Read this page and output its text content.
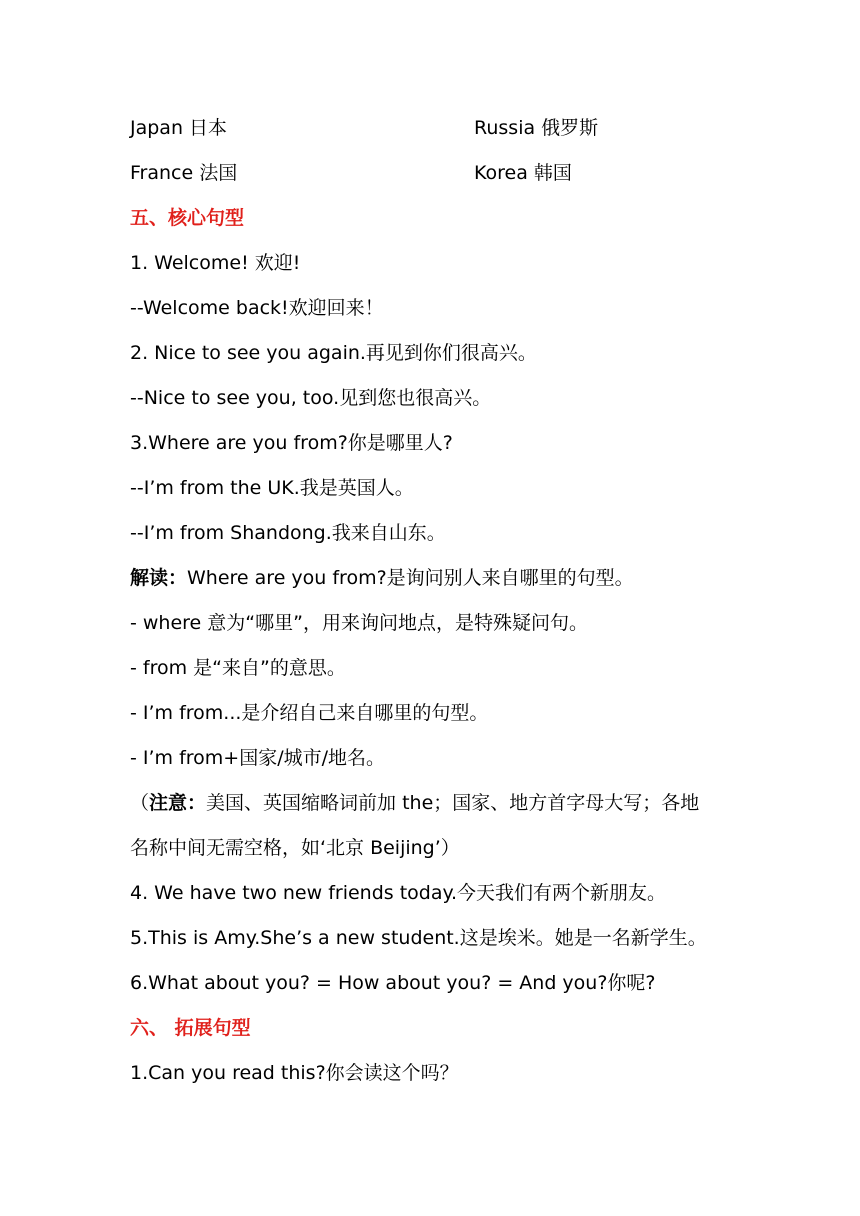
Japan 日本	Russia 俄罗斯
France 法国	Korea 韩国
五、核心句型
1. Welcome! 欢迎!
--Welcome back!欢迎回来！
2. Nice to see you again.再见到你们很高兴。
--Nice to see you, too.见到您也很高兴。
3.Where are you from?你是哪里人?
--I’m from the UK.我是英国人。
--I’m from Shandong.我来自山东。
解读：Where are you from?是询问别人来自哪里的句型。
- where 意为“哪里”，用来询问地点，是特殊疑问句。
- from 是“来自”的意思。
- I’m from...是介绍自己来自哪里的句型。
- I’m from+国家/城市/地名。
（注意：美国、英国缩略词前加 the；国家、地方首字母大写；各地
名称中间无需空格，如‘北京 Beijing’）
4. We have two new friends today.今天我们有两个新朋友。
5.This is Amy.She’s a new student.这是埃米。她是一名新学生。
6.What about you? = How about you? = And you?你呢?
六、 拓展句型
1.Can you read this?你会读这个吗？
